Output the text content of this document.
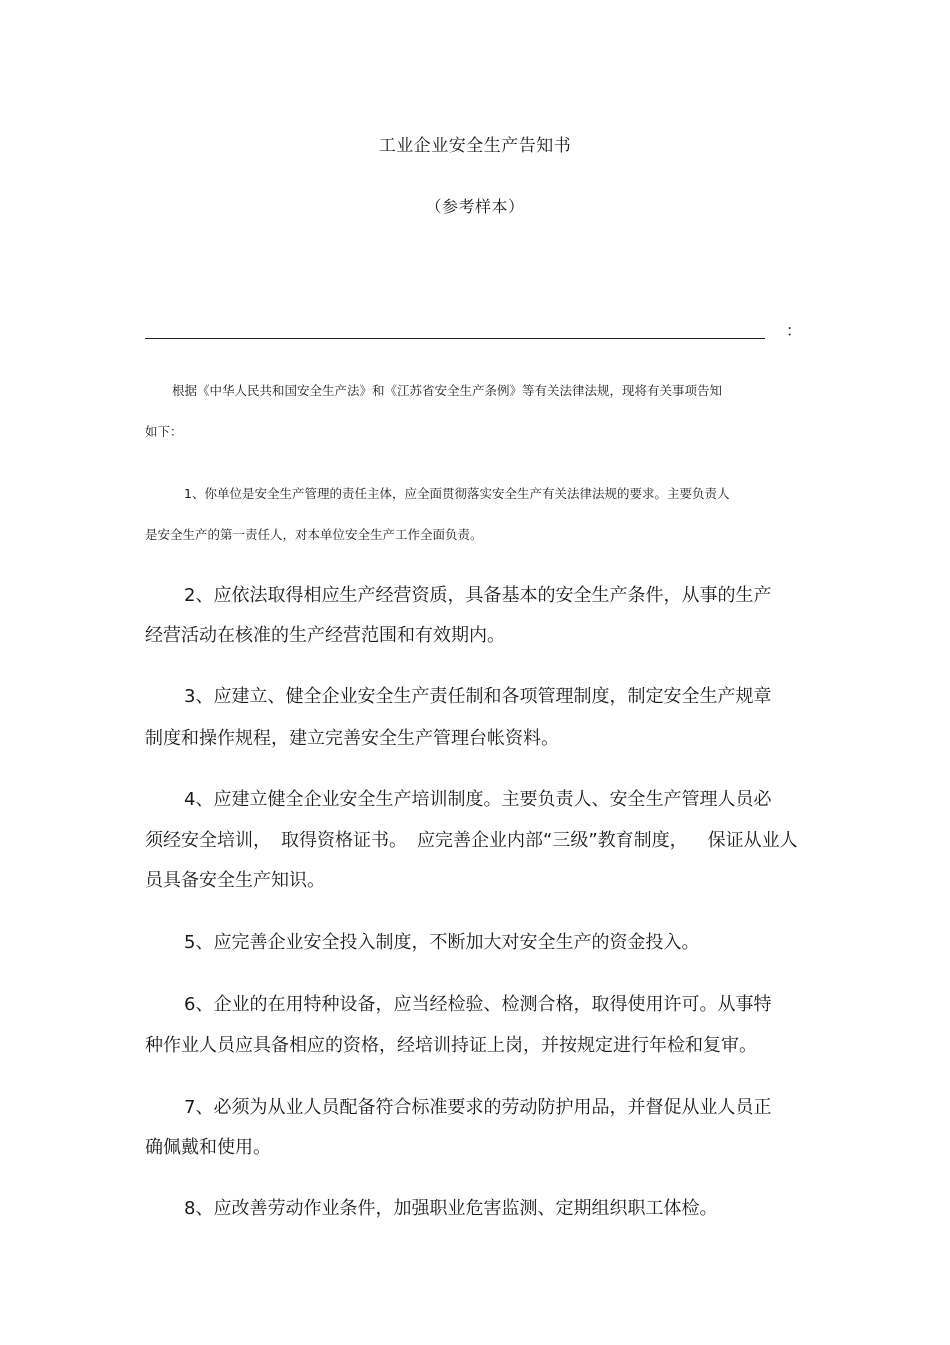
工业企业安全生产告知书
（参考样本）
：
根据《中华人民共和国安全生产法》和《江苏省安全生产条例》等有关法律法规，现将有关事项告知
如下：
1、你单位是安全生产管理的责任主体，应全面贯彻落实安全生产有关法律法规的要求。主要负责人
是安全生产的第一责任人，对本单位安全生产工作全面负责。
2、应依法取得相应生产经营资质，具备基本的安全生产条件，从事的生产
经营活动在核准的生产经营范围和有效期内。
3、应建立、健全企业安全生产责任制和各项管理制度，制定安全生产规章
制度和操作规程，建立完善安全生产管理台帐资料。
4、应建立健全企业安全生产培训制度。主要负责人、安全生产管理人员必
须经安全培训， 取得资格证书。 应完善企业内部“三级”教育制度， 保证从业人
员具备安全生产知识。
5、应完善企业安全投入制度，不断加大对安全生产的资金投入。
6、企业的在用特种设备，应当经检验、检测合格，取得使用许可。从事特
种作业人员应具备相应的资格，经培训持证上岗，并按规定进行年检和复审。
7、必须为从业人员配备符合标准要求的劳动防护用品，并督促从业人员正
确佩戴和使用。
8、应改善劳动作业条件，加强职业危害监测、定期组织职工体检。
